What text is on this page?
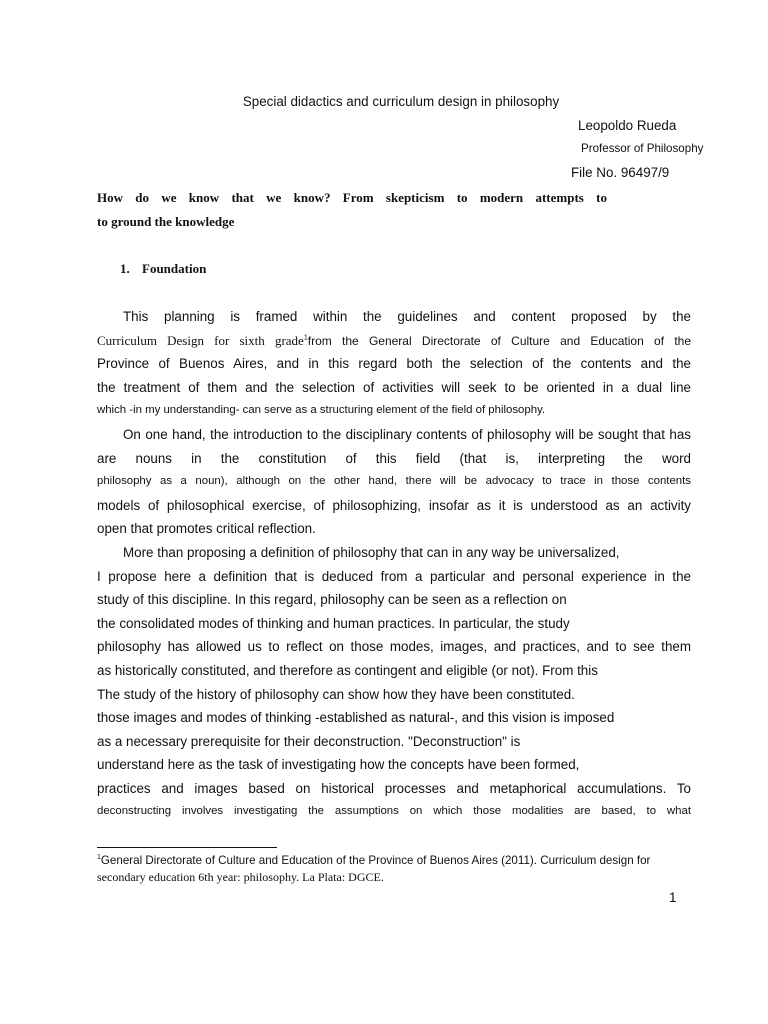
Special didactics and curriculum design in philosophy
Leopoldo Rueda
Professor of Philosophy
File No. 96497/9
How do we know that we know? From skepticism to modern attempts to
to ground the knowledge
1. Foundation
This planning is framed within the guidelines and content proposed by the
Curriculum Design for sixth grade$^1$from the General Directorate of Culture and Education of the
Province of Buenos Aires, and in this regard both the selection of the contents and the
the treatment of them and the selection of activities will seek to be oriented in a dual line
which -in my understanding- can serve as a structuring element of the field of philosophy.
On one hand, the introduction to the disciplinary contents of philosophy will be sought that has
are nouns in the constitution of this field (that is, interpreting the word
philosophy as a noun), although on the other hand, there will be advocacy to trace in those contents
models of philosophical exercise, of philosophizing, insofar as it is understood as an activity
open that promotes critical reflection.
More than proposing a definition of philosophy that can in any way be universalized,
I propose here a definition that is deduced from a particular and personal experience in the
study of this discipline. In this regard, philosophy can be seen as a reflection on
the consolidated modes of thinking and human practices. In particular, the study
philosophy has allowed us to reflect on those modes, images, and practices, and to see them
as historically constituted, and therefore as contingent and eligible (or not). From this
The study of the history of philosophy can show how they have been constituted.
those images and modes of thinking -established as natural-, and this vision is imposed
as a necessary prerequisite for their deconstruction. "Deconstruction" is
understand here as the task of investigating how the concepts have been formed,
practices and images based on historical processes and metaphorical accumulations. To
deconstructing involves investigating the assumptions on which those modalities are based, to what
$^1$General Directorate of Culture and Education of the Province of Buenos Aires (2011). Curriculum design for
secondary education 6th year: philosophy. La Plata: DGCE.
1
